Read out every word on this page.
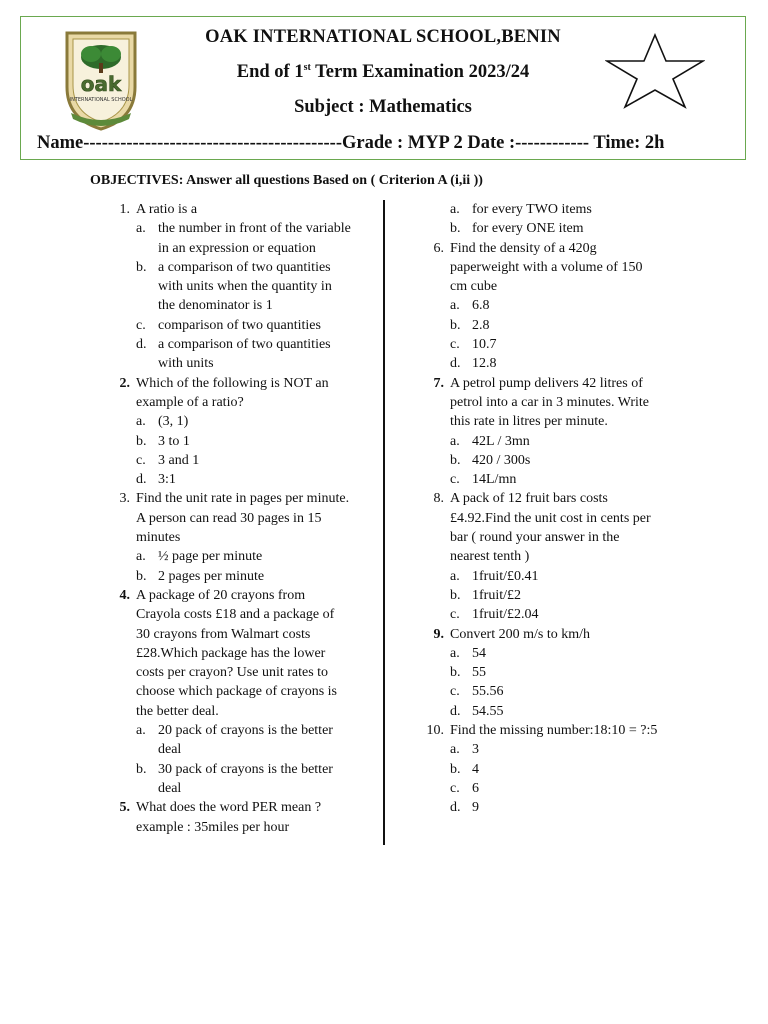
oak
INTERNATIONAL SCHOOL
OAK INTERNATIONAL SCHOOL,BENIN
End of 1st Term Examination 2023/24
Subject : Mathematics
Name------------------------------------------Grade : MYP 2 Date :------------ Time: 2h
OBJECTIVES: Answer all questions Based on ( Criterion A (i,ii ))
1. A ratio is a
a. the number in front of the variable
in an expression or equation
b. a comparison of two quantities
with units when the quantity in
the denominator is 1
c. comparison of two quantities
d. a comparison of two quantities
with units
2. Which of the following is NOT an
example of a ratio?
a. (3, 1)
b. 3 to 1
c. 3 and 1
d. 3:1
3. Find the unit rate in pages per minute.
A person can read 30 pages in 15
minutes
a. ½ page per minute
b. 2 pages per minute
4. A package of 20 crayons from
Crayola costs £18 and a package of
30 crayons from Walmart costs
£28.Which package has the lower
costs per crayon? Use unit rates to
choose which package of crayons is
the better deal.
a. 20 pack of crayons is the better
deal
b. 30 pack of crayons is the better
deal
5. What does the word PER mean ?
example : 35miles per hour
a. for every TWO items
b. for every ONE item
6. Find the density of a 420g
paperweight with a volume of 150
cm cube
a. 6.8
b. 2.8
c. 10.7
d. 12.8
7. A petrol pump delivers 42 litres of
petrol into a car in 3 minutes. Write
this rate in litres per minute.
a. 42L / 3mn
b. 420 / 300s
c. 14L/mn
8. A pack of 12 fruit bars costs
£4.92.Find the unit cost in cents per
bar ( round your answer in the
nearest tenth )
a. 1fruit/£0.41
b. 1fruit/£2
c. 1fruit/£2.04
9. Convert 200 m/s to km/h
a. 54
b. 55
c. 55.56
d. 54.55
10. Find the missing number:18:10 = ?:5
a. 3
b. 4
c. 6
d. 9
